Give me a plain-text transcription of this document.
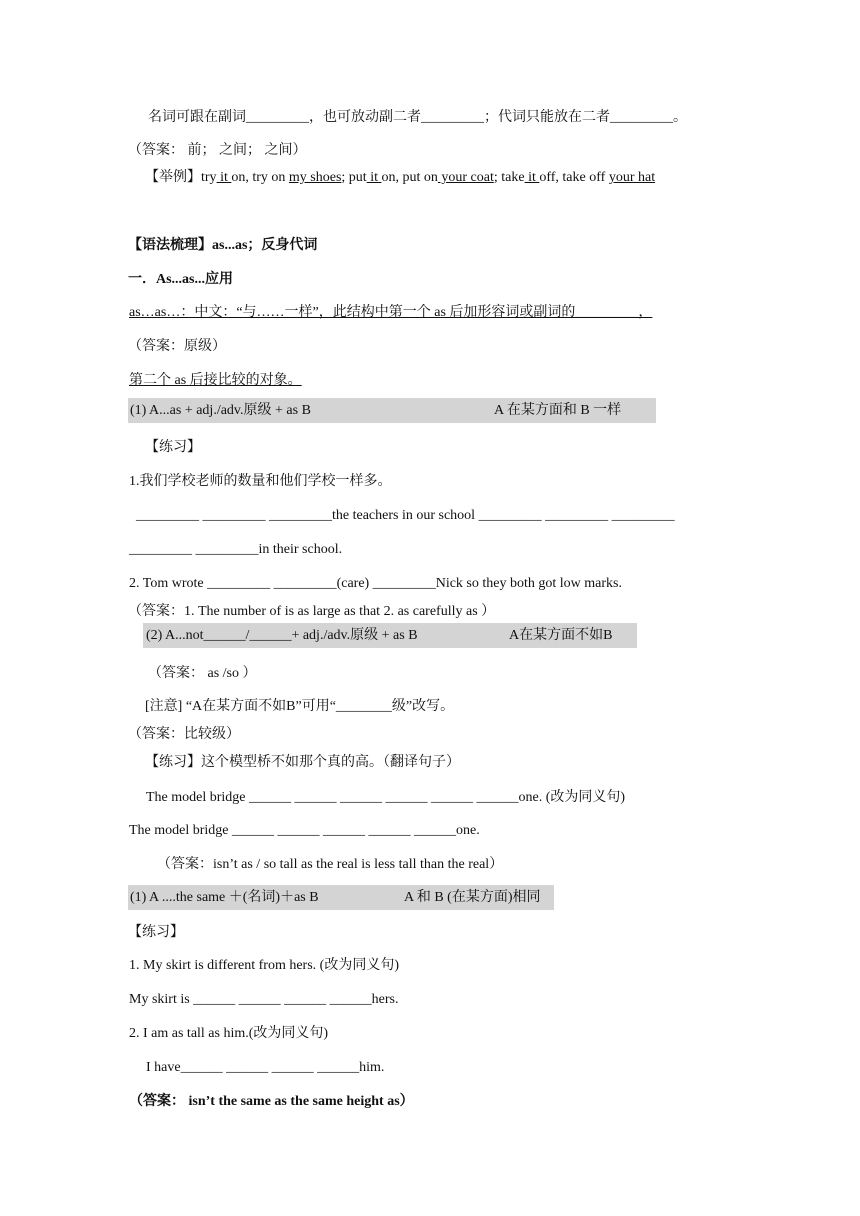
名词可跟在副词_________，也可放动副二者_________；代词只能放在二者_________。
（答案： 前； 之间； 之间）
【举例】try it on, try on my shoes; put it on, put on your coat; take it off, take off your hat
【语法梳理】as...as；反身代词
一．As...as...应用
as…as…：中文：“与……一样”，此结构中第一个 as 后加形容词或副词的_________，
（答案：原级）
第二个 as 后接比较的对象。
(1) A...as + adj./adv.原级 + as B	A 在某方面和 B 一样
【练习】
1.我们学校老师的数量和他们学校一样多。
_________ _________ _________the teachers in our school _________ _________ _________
_________ _________in their school.
2. Tom wrote _________ _________(care) _________Nick so they both got low marks.
（答案：1. The number of is as large as that 2. as carefully as ）
(2) A...not______/______+ adj./adv.原级 + as B	A在某方面不如B
（答案： as /so ）
[注意] “A在某方面不如B”可用“________级”改写。
（答案：比较级）
【练习】这个模型桥不如那个真的高。（翻译句子）
The model bridge ______ ______ ______ ______ ______ ______one. (改为同义句)
The model bridge ______ ______ ______ ______ ______one.
（答案：isn’t as / so tall as the real is less tall than the real）
(1) A ....the same ＋(名词)＋as B	A 和 B (在某方面)相同
【练习】
1. My skirt is different from hers. (改为同义句)
My skirt is ______ ______ ______ ______hers.
2. I am as tall as him.(改为同义句)
I have______ ______ ______ ______him.
（答案： isn’t the same as the same height as）
